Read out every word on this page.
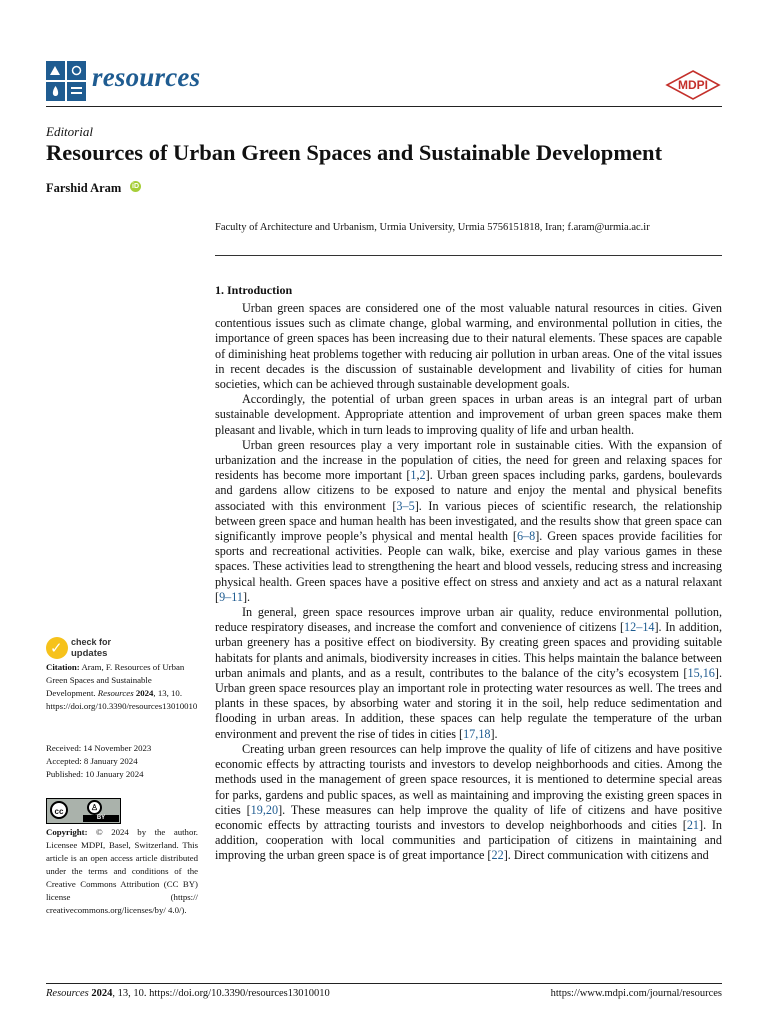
resources	MDPI
Editorial
Resources of Urban Green Spaces and Sustainable Development
Farshid Aram iD
Faculty of Architecture and Urbanism, Urmia University, Urmia 5756151818, Iran; f.aram@urmia.ac.ir
1. Introduction

Urban green spaces are considered one of the most valuable natural resources in cities. Given contentious issues such as climate change, global warming, and environmental pollution in cities, the importance of green spaces has been increasing due to their natural elements. These spaces are capable of diminishing heat problems together with reducing air pollution in urban areas. One of the vital issues in recent decades is the discussion of sustainable development and livability of cities for human societies, which can be achieved through sustainable development goals.

Accordingly, the potential of urban green spaces in urban areas is an integral part of urban sustainable development. Appropriate attention and improvement of urban green spaces make them pleasant and livable, which in turn leads to improving quality of life and urban health.

Urban green resources play a very important role in sustainable cities. With the expansion of urbanization and the increase in the population of cities, the need for green and relaxing spaces for residents has become more important [1,2]. Urban green spaces including parks, gardens, boulevards and gardens allow citizens to be exposed to nature and enjoy the mental and physical benefits associated with this environment [3–5]. In various pieces of scientific research, the relationship between green space and human health has been investigated, and the results show that green space can significantly improve people’s physical and mental health [6–8]. Green spaces provide facilities for sports and recreational activities. People can walk, bike, exercise and play various games in these spaces. These activities lead to strengthening the heart and blood vessels, reducing stress and increasing physical health. Green spaces have a positive effect on stress and anxiety and act as a natural relaxant [9–11].

In general, green space resources improve urban air quality, reduce environmental pollution, reduce respiratory diseases, and increase the comfort and convenience of citizens [12–14]. In addition, urban greenery has a positive effect on biodiversity. By creating green spaces and providing suitable habitats for plants and animals, biodiversity increases in cities. This helps maintain the balance between urban animals and plants, and as a result, contributes to the balance of the city’s ecosystem [15,16]. Urban green space resources play an important role in protecting water resources as well. The trees and plants in these spaces, by absorbing water and storing it in the soil, help reduce sedimentation and flooding in urban areas. In addition, these spaces can help regulate the temperature of the urban environment and prevent the rise of tides in cities [17,18].

Creating urban green resources can help improve the quality of life of citizens and have positive economic effects by attracting tourists and investors to develop neighborhoods and cities. Among the methods used in the management of green space resources, it is mentioned to determine special areas for parks, gardens and public spaces, as well as maintaining and improving the existing green spaces in cities [19,20]. These measures can help improve the quality of life of citizens and have positive economic effects by attracting tourists and investors to develop neighborhoods and cities [21]. In addition, cooperation with local communities and participation of citizens in maintaining and improving the urban green space is of great importance [22]. Direct communication with citizens and

✓ check for
updates
Citation: Aram, F. Resources of Urban Green Spaces and Sustainable Development. Resources 2024, 13, 10. https://doi.org/10.3390/resources13010010
Received: 14 November 2023
Accepted: 8 January 2024
Published: 10 January 2024
cc	♙
BY
Copyright: © 2024 by the author. Licensee MDPI, Basel, Switzerland. This article is an open access article distributed under the terms and conditions of the Creative Commons Attribution (CC BY) license (https:// creativecommons.org/licenses/by/ 4.0/).
Resources 2024, 13, 10. https://doi.org/10.3390/resources13010010	https://www.mdpi.com/journal/resources
